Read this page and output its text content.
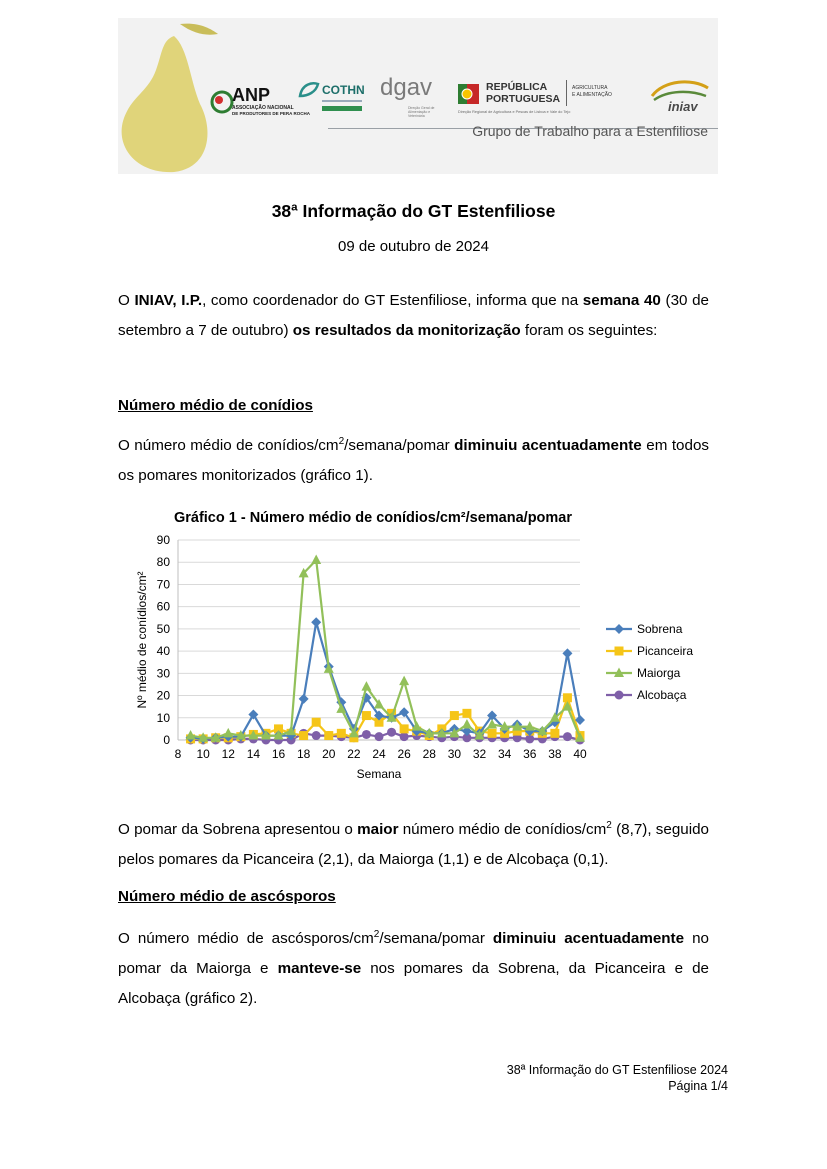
ANP
ASSOCIAÇÃO NACIONAL
DE PRODUTORES DE PERA ROCHA
COTHN dgav
Direção Geral de Alimentação e Veterinária
REPÚBLICA
PORTUGUESA
AGRICULTURA
E ALIMENTAÇÃO
Direção Regional de Agricultura e Pescas de Lisboa e Vale do Tejo	iniav
Grupo de Trabalho para a Estenfiliose
38ª Informação do GT Estenfiliose
09 de outubro de 2024
O INIAV, I.P., como coordenador do GT Estenfiliose, informa que na semana 40 (30 de setembro a 7 de outubro) os resultados da monitorização foram os seguintes:
Número médio de conídios
O número médio de conídios/$cm^2/semana$/pomar diminuiu acentuadamente em todos os pomares monitorizados (gráfico 1).
Gráfico 1 - Número médio de conídios/cm²/semana/pomar
0
10
20
30
40
50
60
70
80
90
8 10 12 14 16 18 20 22 24 26 28 30 32 34 36 38 40
Semana
Nº médio de conídios/cm²	Sobrena
Picanceira
Maiorga
Alcobaça
O pomar da Sobrena apresentou o maior número médio de conídios/$cm^2$ (8,7), seguido pelos pomares da Picanceira (2,1), da Maiorga (1,1) e de Alcobaça (0,1).
Número médio de ascósporos
O número médio de ascósporos/$cm^2/semana$/pomar diminuiu acentuadamente no pomar da Maiorga e manteve-se nos pomares da Sobrena, da Picanceira e de Alcobaça (gráfico 2).
38ª Informação do GT Estenfiliose 2024
Página 1/4
